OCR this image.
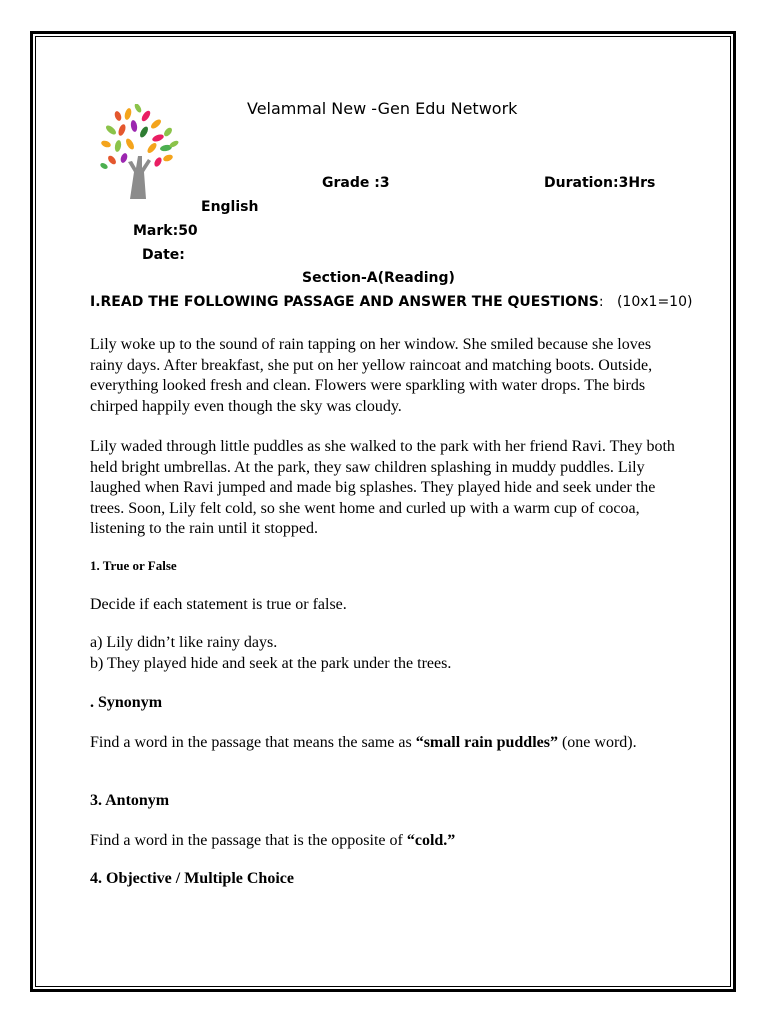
Velammal New -Gen Edu Network
Grade :3	Duration:3Hrs
English
Mark:50
Date:
Section-A(Reading)
I.READ THE FOLLOWING PASSAGE AND ANSWER THE QUESTIONS: (10x1=10)
Lily woke up to the sound of rain tapping on her window. She smiled because she loves rainy days. After breakfast, she put on her yellow raincoat and matching boots. Outside, everything looked fresh and clean. Flowers were sparkling with water drops. The birds chirped happily even though the sky was cloudy.
Lily waded through little puddles as she walked to the park with her friend Ravi. They both held bright umbrellas. At the park, they saw children splashing in muddy puddles. Lily laughed when Ravi jumped and made big splashes. They played hide and seek under the trees. Soon, Lily felt cold, so she went home and curled up with a warm cup of cocoa, listening to the rain until it stopped.
1. True or False
Decide if each statement is true or false.
a) Lily didn’t like rainy days.
b) They played hide and seek at the park under the trees.
. Synonym
Find a word in the passage that means the same as “small rain puddles” (one word).
3. Antonym
Find a word in the passage that is the opposite of “cold.”
4. Objective / Multiple Choice
